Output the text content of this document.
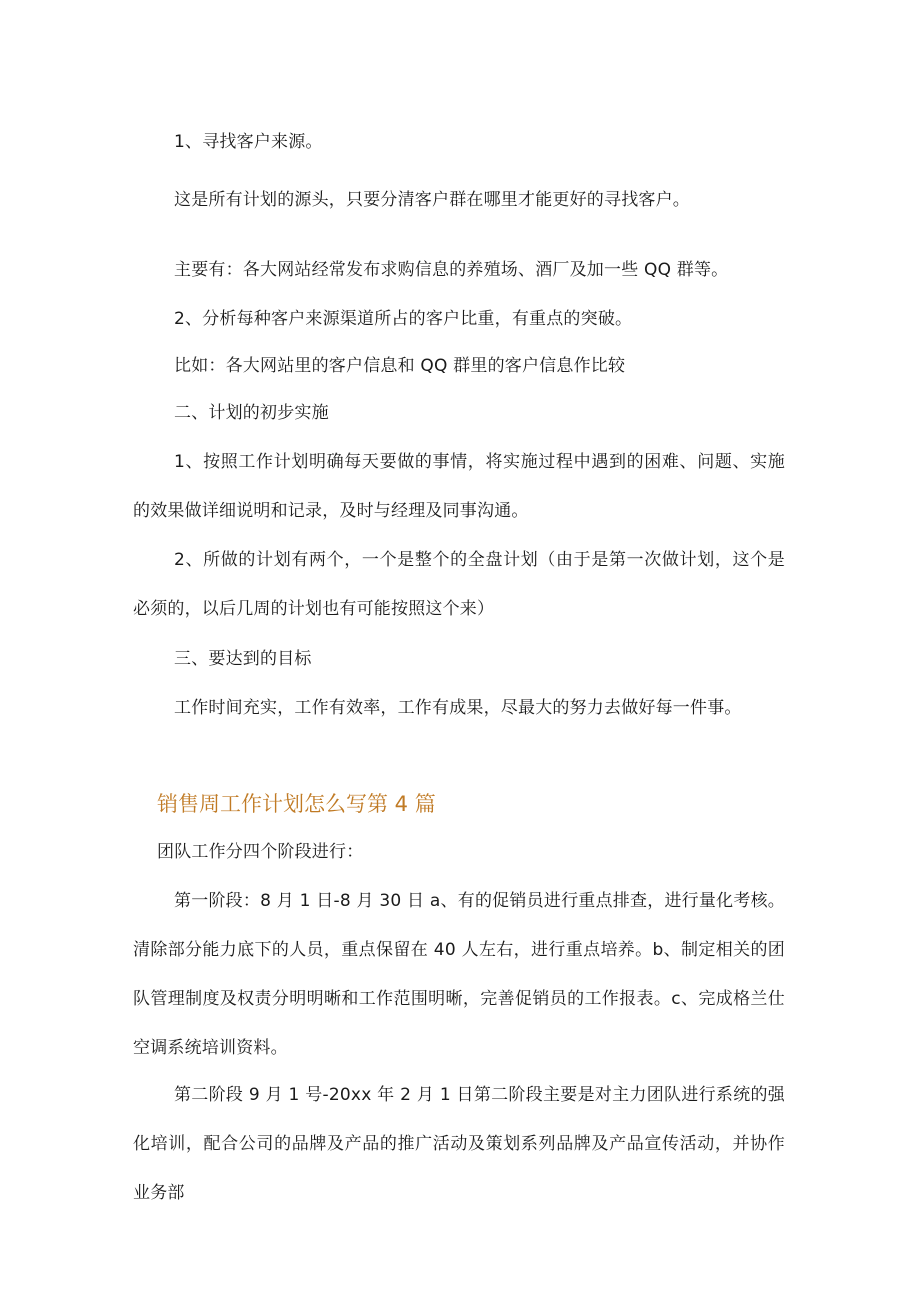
1、寻找客户来源。

这是所有计划的源头，只要分清客户群在哪里才能更好的寻找客户。

主要有：各大网站经常发布求购信息的养殖场、酒厂及加一些 QQ 群等。

2、分析每种客户来源渠道所占的客户比重，有重点的突破。

比如：各大网站里的客户信息和 QQ 群里的客户信息作比较

二、计划的初步实施

1、按照工作计划明确每天要做的事情，将实施过程中遇到的困难、问题、实施的效果做详细说明和记录，及时与经理及同事沟通。

2、所做的计划有两个，一个是整个的全盘计划（由于是第一次做计划，这个是必须的，以后几周的计划也有可能按照这个来）

三、要达到的目标

工作时间充实，工作有效率，工作有成果，尽最大的努力去做好每一件事。

销售周工作计划怎么写第 4 篇

团队工作分四个阶段进行：

第一阶段：8 月 1 日-8 月 30 日 a、有的促销员进行重点排查，进行量化考核。清除部分能力底下的人员，重点保留在 40 人左右，进行重点培养。b、制定相关的团队管理制度及权责分明明晰和工作范围明晰，完善促销员的工作报表。c、完成格兰仕空调系统培训资料。

第二阶段 9 月 1 号-20xx 年 2 月 1 日第二阶段主要是对主力团队进行系统的强化培训，配合公司的品牌及产品的推广活动及策划系列品牌及产品宣传活动，并协作业务部
